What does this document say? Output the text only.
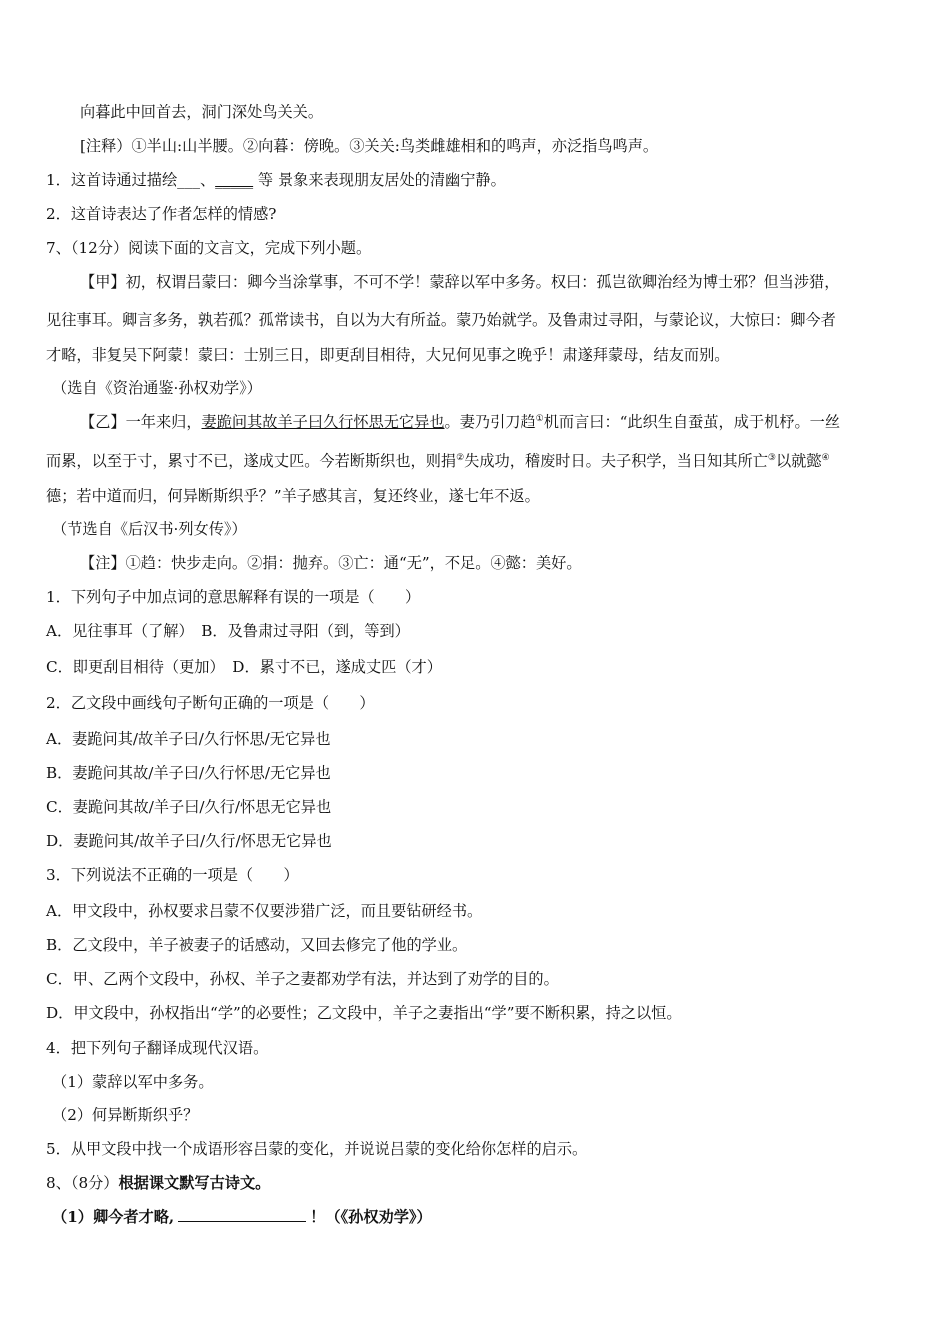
向暮此中回首去，洞门深处鸟关关。
[注释）①半山:山半腰。②向暮：傍晚。③关关:鸟类雌雄相和的鸣声，亦泛指鸟鸣声。
1．这首诗通过描绘___、_____ 等 景象来表现朋友居处的清幽宁静。
2．这首诗表达了作者怎样的情感?
7、（12分）阅读下面的文言文，完成下列小题。
【甲】初，权谓吕蒙曰：卿今当涂掌事，不可不学！蒙辞以军中多务。权曰：孤岂欲卿治经为博士邪？但当涉猎，
见往事耳。卿言多务，孰若孤？孤常读书，自以为大有所益。蒙乃始就学。及鲁肃过寻阳，与蒙论议，大惊曰：卿今者
才略，非复吴下阿蒙！蒙曰：士别三日，即更刮目相待，大兄何见事之晚乎！肃遂拜蒙母，结友而别。
（选自《资治通鉴·孙权劝学》）
【乙】一年来归，妻跪问其故羊子曰久行怀思无它异也。妻乃引刀趋①机而言曰：“此织生自蚕茧，成于机杼。一丝
而累，以至于寸，累寸不已，遂成丈匹。今若断斯织也，则捐②失成功，稽废时日。夫子积学，当日知其所亡③以就懿④
德；若中道而归，何异断斯织乎？”羊子感其言，复还终业，遂七年不返。
（节选自《后汉书·列女传》）
【注】①趋：快步走向。②捐：抛弃。③亡：通“无”，不足。④懿：美好。
1．下列句子中加点词的意思解释有误的一项是（　　）
A．见往事耳（了解）　B．及鲁肃过寻阳（到，等到）
C．即更刮目相待（更加）　D．累寸不已，遂成丈匹（才）
2．乙文段中画线句子断句正确的一项是（　　）
A．妻跪问其/故羊子曰/久行怀思/无它异也
B．妻跪问其故/羊子曰/久行怀思/无它异也
C．妻跪问其故/羊子曰/久行/怀思无它异也
D．妻跪问其/故羊子曰/久行/怀思无它异也
3．下列说法不正确的一项是（　　）
A．甲文段中，孙权要求吕蒙不仅要涉猎广泛，而且要钻研经书。
B．乙文段中，羊子被妻子的话感动，又回去修完了他的学业。
C．甲、乙两个文段中，孙权、羊子之妻都劝学有法，并达到了劝学的目的。
D．甲文段中，孙权指出“学”的必要性；乙文段中，羊子之妻指出“学”要不断积累，持之以恒。
4．把下列句子翻译成现代汉语。
（1）蒙辞以军中多务。
（2）何异断斯织乎？
5．从甲文段中找一个成语形容吕蒙的变化，并说说吕蒙的变化给你怎样的启示。
8、（8分）根据课文默写古诗文。
（1）卿今者才略,	！（《孙权劝学》）
